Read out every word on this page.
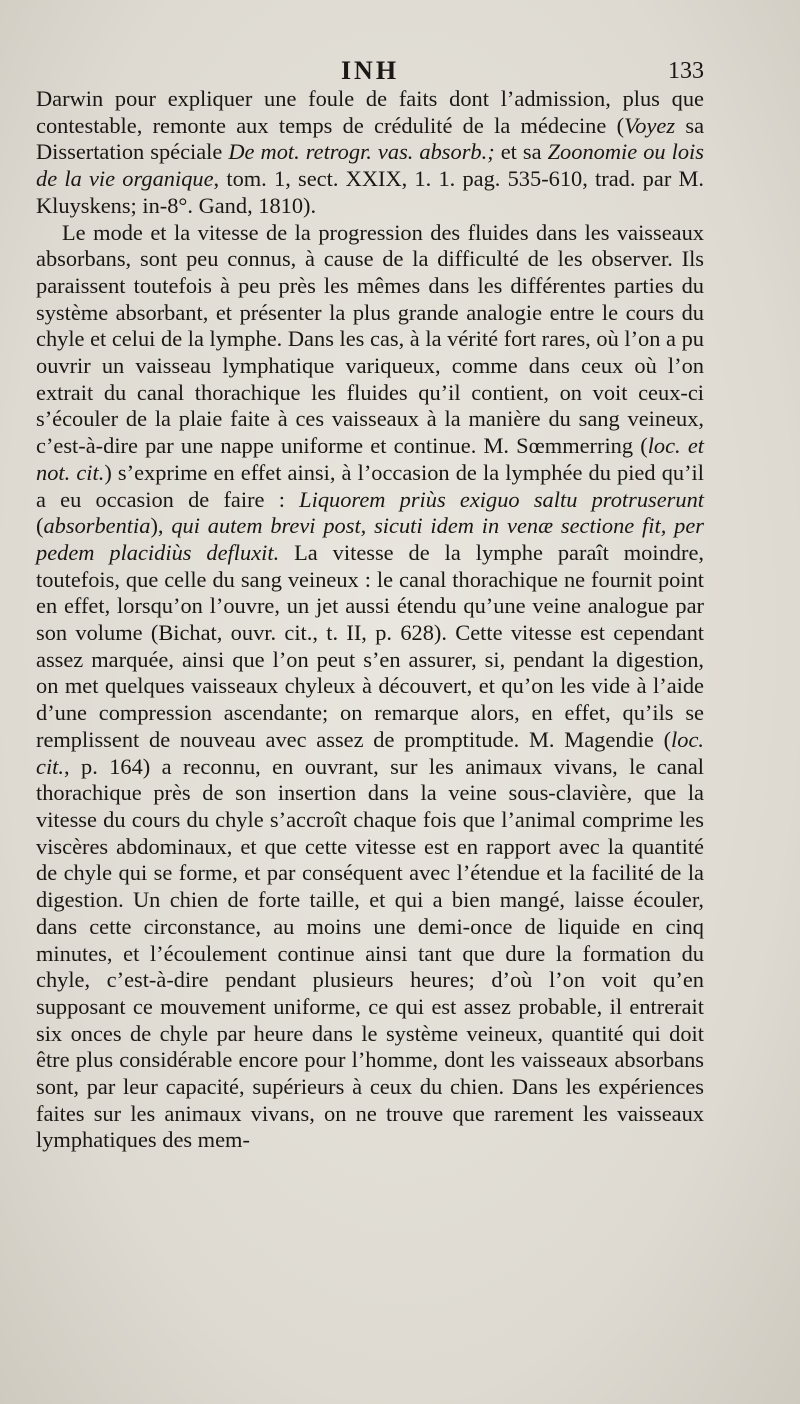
INH	133

Darwin pour expliquer une foule de faits dont l’admission, plus que contestable, remonte aux temps de crédulité de la médecine (Voyez sa Dissertation spéciale De mot. retrogr. vas. absorb.; et sa Zoonomie ou lois de la vie organique, tom. 1, sect. XXIX, 1. 1. pag. 535-610, trad. par M. Kluyskens; in-8°. Gand, 1810).

Le mode et la vitesse de la progression des fluides dans les vaisseaux absorbans, sont peu connus, à cause de la difficulté de les observer. Ils paraissent toutefois à peu près les mêmes dans les différentes parties du système absorbant, et présenter la plus grande analogie entre le cours du chyle et celui de la lymphe. Dans les cas, à la vérité fort rares, où l’on a pu ouvrir un vaisseau lymphatique variqueux, comme dans ceux où l’on extrait du canal thorachique les fluides qu’il contient, on voit ceux-ci s’écouler de la plaie faite à ces vaisseaux à la manière du sang veineux, c’est-à-dire par une nappe uniforme et continue. M. Sœmmerring (loc. et not. cit.) s’exprime en effet ainsi, à l’occasion de la lymphée du pied qu’il a eu occasion de faire : Liquorem priùs exiguo saltu protruserunt (absorbentia), qui autem brevi post, sicuti idem in venæ sectione fit, per pedem placidiùs defluxit. La vitesse de la lymphe paraît moindre, toutefois, que celle du sang veineux : le canal thorachique ne fournit point en effet, lorsqu’on l’ouvre, un jet aussi étendu qu’une veine analogue par son volume (Bichat, ouvr. cit., t. II, p. 628). Cette vitesse est cependant assez marquée, ainsi que l’on peut s’en assurer, si, pendant la digestion, on met quelques vaisseaux chyleux à découvert, et qu’on les vide à l’aide d’une compression ascendante; on remarque alors, en effet, qu’ils se remplissent de nouveau avec assez de promptitude. M. Magendie (loc. cit., p. 164) a reconnu, en ouvrant, sur les animaux vivans, le canal thorachique près de son insertion dans la veine sous-clavière, que la vitesse du cours du chyle s’accroît chaque fois que l’animal comprime les viscères abdominaux, et que cette vitesse est en rapport avec la quantité de chyle qui se forme, et par conséquent avec l’étendue et la facilité de la digestion. Un chien de forte taille, et qui a bien mangé, laisse écouler, dans cette circonstance, au moins une demi-once de liquide en cinq minutes, et l’écoulement continue ainsi tant que dure la formation du chyle, c’est-à-dire pendant plusieurs heures; d’où l’on voit qu’en supposant ce mouvement uniforme, ce qui est assez probable, il entrerait six onces de chyle par heure dans le système veineux, quantité qui doit être plus considérable encore pour l’homme, dont les vaisseaux absorbans sont, par leur capacité, supérieurs à ceux du chien. Dans les expériences faites sur les animaux vivans, on ne trouve que rarement les vaisseaux lymphatiques des mem-
